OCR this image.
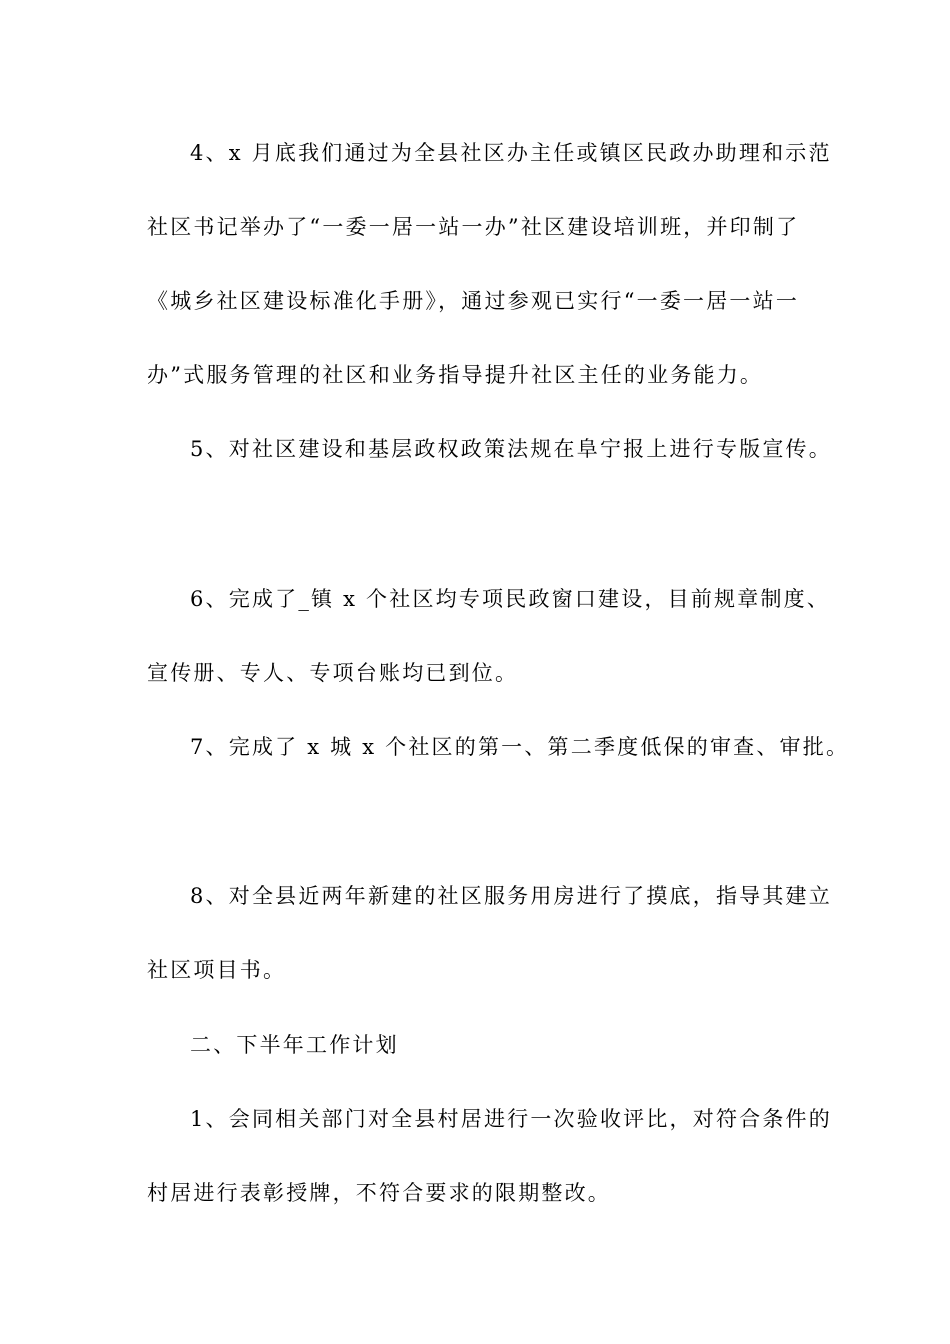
4、x 月底我们通过为全县社区办主任或镇区民政办助理和示范
社区书记举办了“一委一居一站一办”社区建设培训班，并印制了
《城乡社区建设标准化手册》，通过参观已实行“一委一居一站一
办”式服务管理的社区和业务指导提升社区主任的业务能力。
5、对社区建设和基层政权政策法规在阜宁报上进行专版宣传。
6、完成了_镇 x 个社区均专项民政窗口建设，目前规章制度、
宣传册、专人、专项台账均已到位。
7、完成了 x 城 x 个社区的第一、第二季度低保的审查、审批。
8、对全县近两年新建的社区服务用房进行了摸底，指导其建立
社区项目书。
二、下半年工作计划
1、会同相关部门对全县村居进行一次验收评比，对符合条件的
村居进行表彰授牌，不符合要求的限期整改。
